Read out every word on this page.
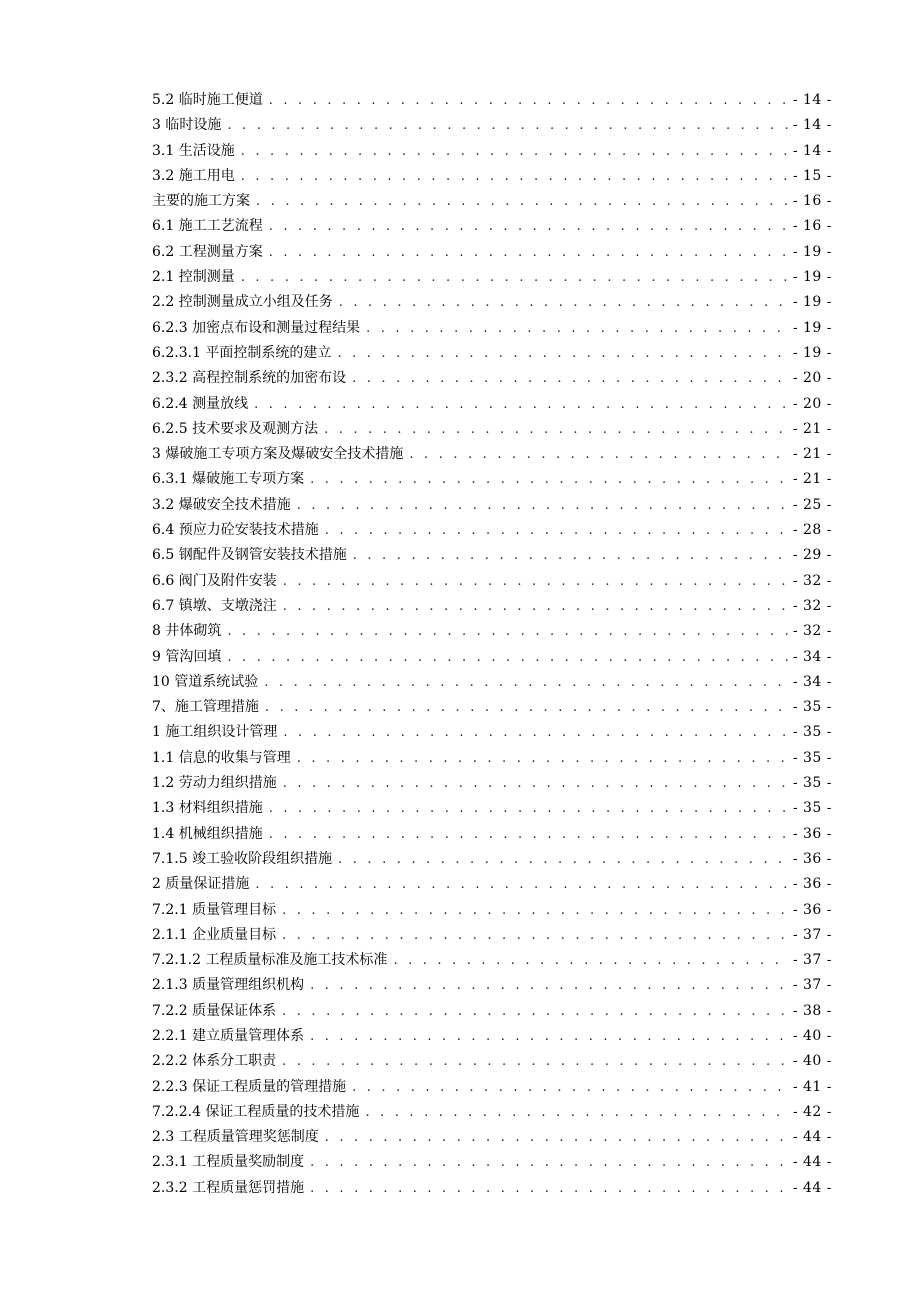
5.2 临时施工便道 . . .	- 14 -
3 临时设施 . . .	- 14 -
3.1 生活设施 . . .	- 14 -
3.2 施工用电 . . .	- 15 -
主要的施工方案 . . .	- 16 -
6.1 施工工艺流程 . . .	- 16 -
6.2 工程测量方案 . . .	- 19 -
2.1 控制测量 . . .	- 19 -
2.2 控制测量成立小组及任务 . . .	- 19 -
6.2.3 加密点布设和测量过程结果 . . .	- 19 -
6.2.3.1 平面控制系统的建立 . . .	- 19 -
2.3.2 高程控制系统的加密布设 . . .	- 20 -
6.2.4 测量放线 . . .	- 20 -
6.2.5 技术要求及观测方法 . . .	- 21 -
3 爆破施工专项方案及爆破安全技术措施 . . .	- 21 -
6.3.1 爆破施工专项方案 . . .	- 21 -
3.2 爆破安全技术措施 . . .	- 25 -
6.4 预应力砼安装技术措施 . . .	- 28 -
6.5 钢配件及钢管安装技术措施 . . .	- 29 -
6.6 阀门及附件安装 . . .	- 32 -
6.7 镇墩、支墩浇注 . . .	- 32 -
8 井体砌筑 . . .	- 32 -
9 管沟回填 . . .	- 34 -
10 管道系统试验 . . .	- 34 -
7、施工管理措施 . . .	- 35 -
1 施工组织设计管理 . . .	- 35 -
1.1 信息的收集与管理 . . .	- 35 -
1.2 劳动力组织措施 . . .	- 35 -
1.3 材料组织措施 . . .	- 35 -
1.4 机械组织措施 . . .	- 36 -
7.1.5 竣工验收阶段组织措施 . . .	- 36 -
2 质量保证措施 . . .	- 36 -
7.2.1 质量管理目标 . . .	- 36 -
2.1.1 企业质量目标 . . .	- 37 -
7.2.1.2 工程质量标准及施工技术标准 . . .	- 37 -
2.1.3 质量管理组织机构 . . .	- 37 -
7.2.2 质量保证体系 . . .	- 38 -
2.2.1 建立质量管理体系 . . .	- 40 -
2.2.2 体系分工职责 . . .	- 40 -
2.2.3 保证工程质量的管理措施 . . .	- 41 -
7.2.2.4 保证工程质量的技术措施 . . .	- 42 -
2.3 工程质量管理奖惩制度 . . .	- 44 -
2.3.1 工程质量奖励制度 . . .	- 44 -
2.3.2 工程质量惩罚措施 . . .	- 44 -
